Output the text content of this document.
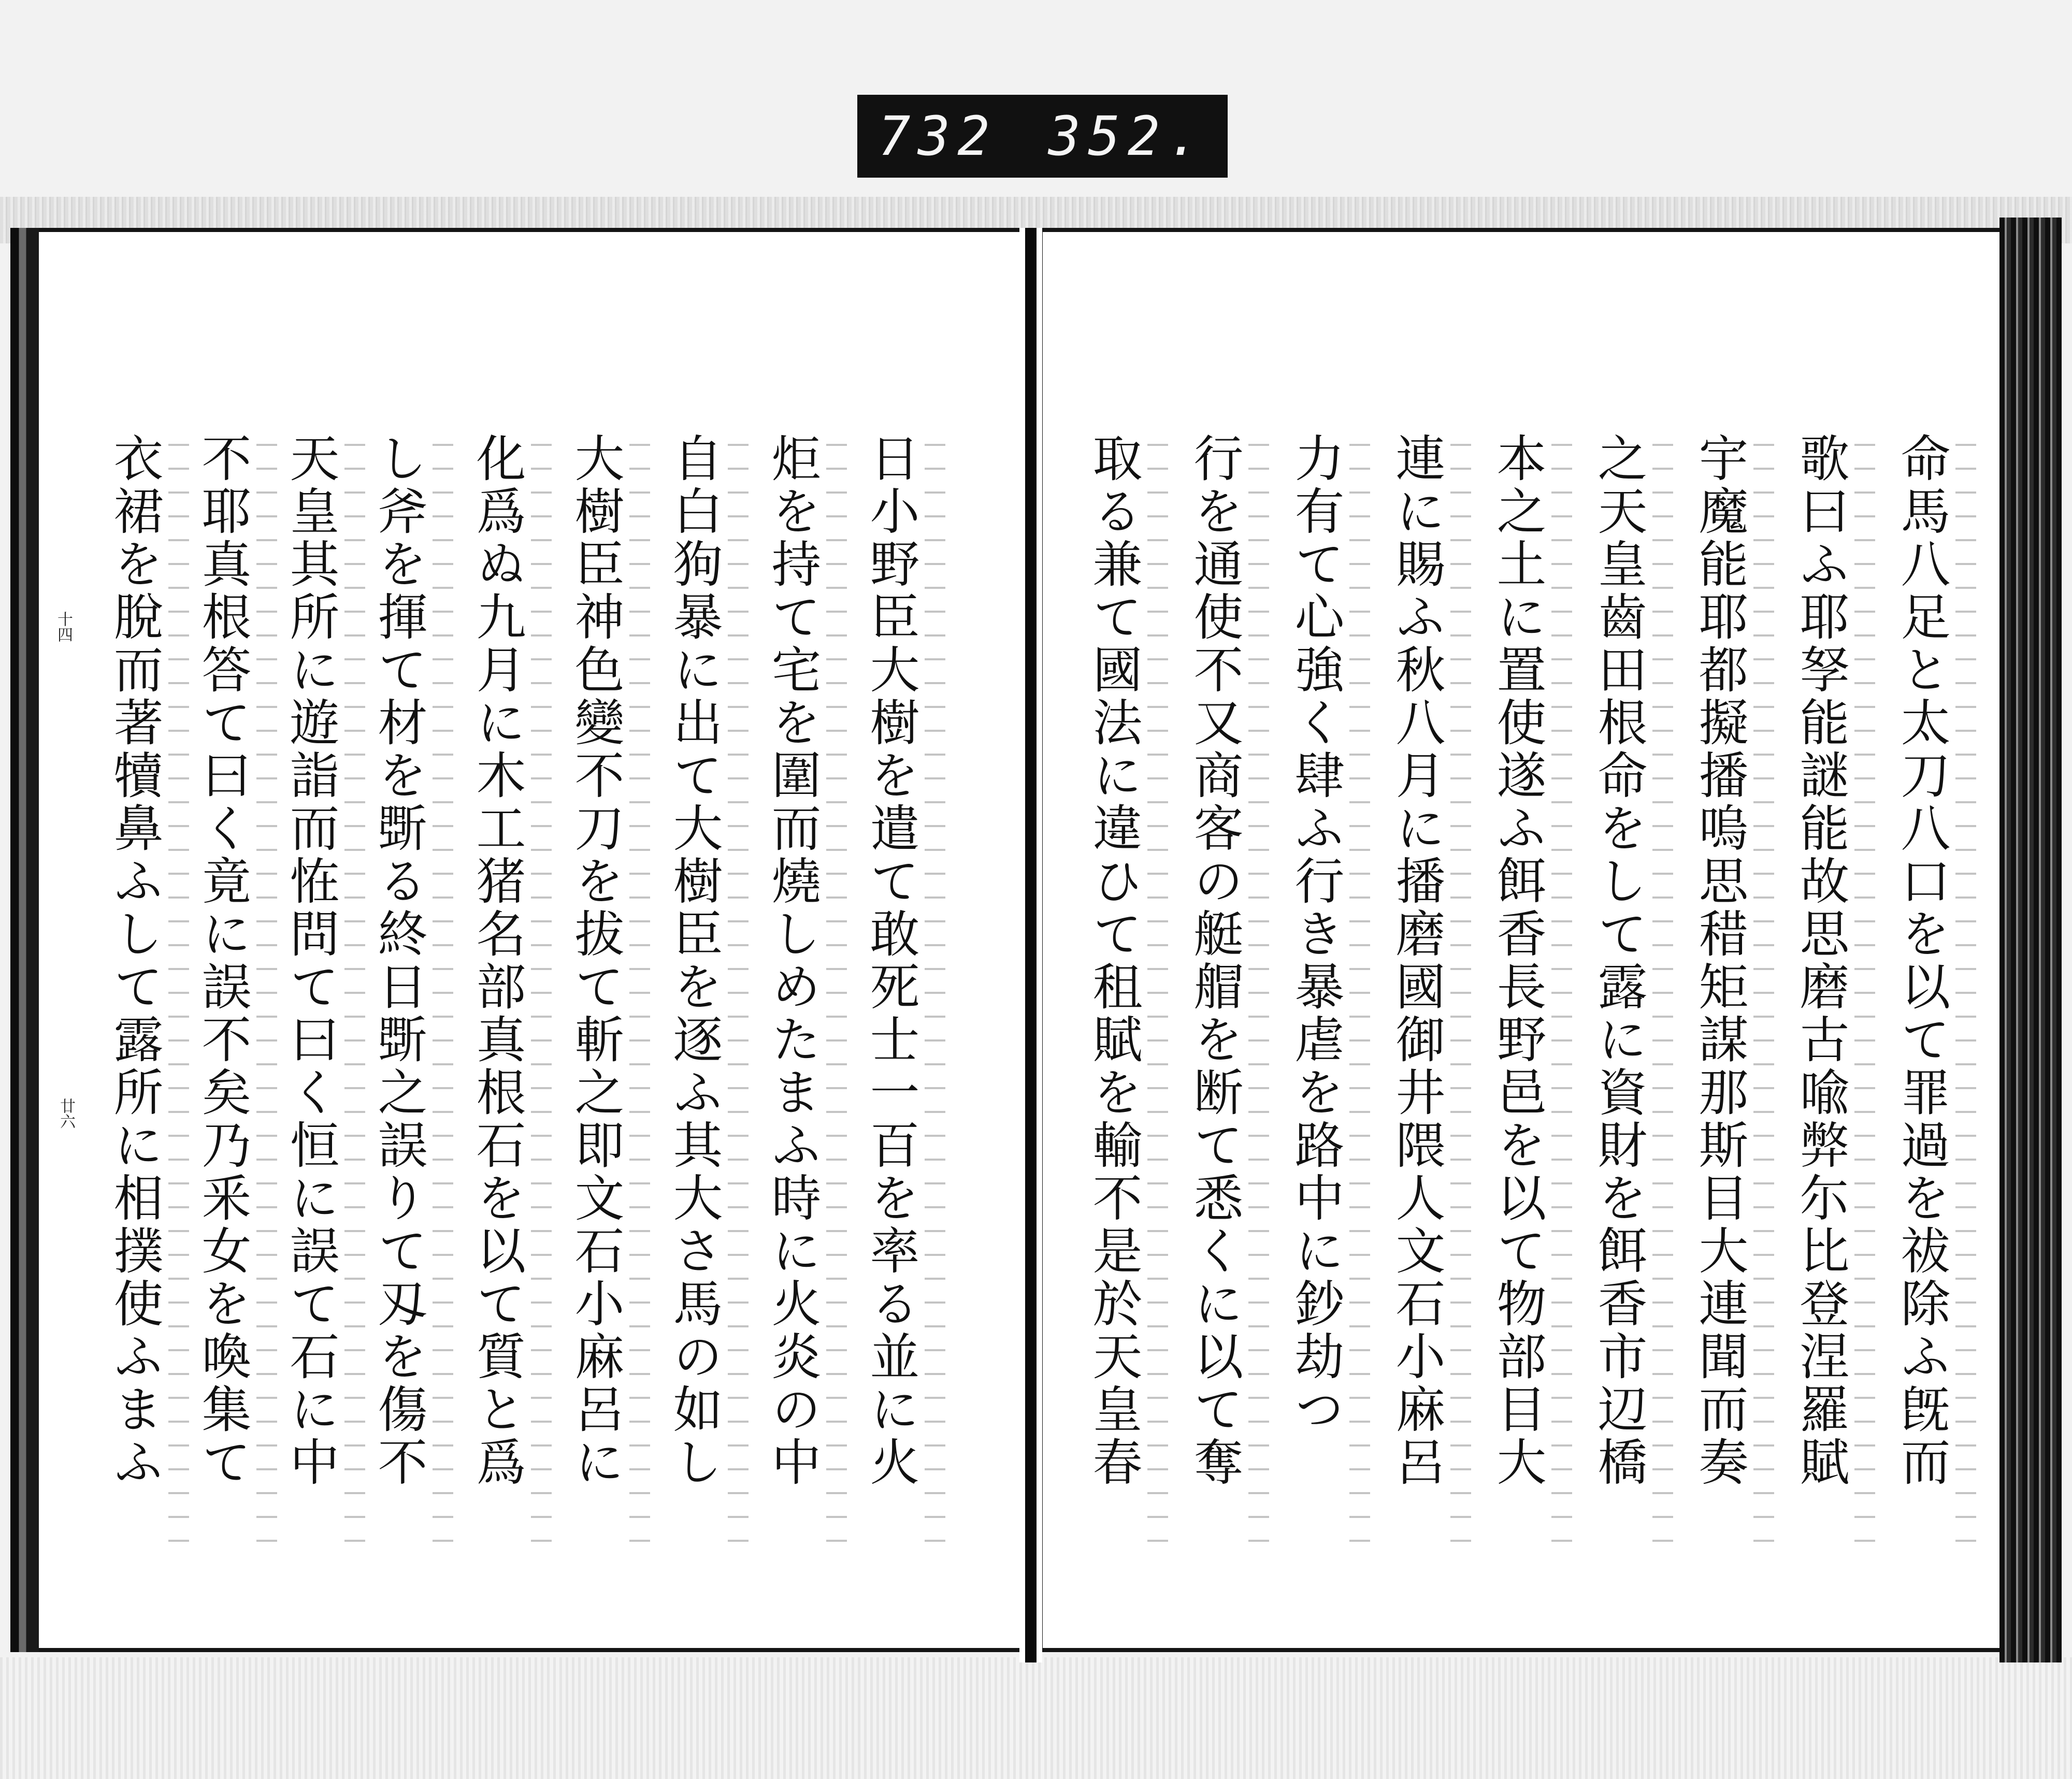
732 352.
命馬八足と太刀八口を以て罪過を祓除ふ旣而
歌曰ふ耶孥能謎能故思磨古喩弊尓比登涅羅賦
宇魔能耶都擬播嗚思稓矩謀那斯目大連聞而奏
之天皇齒田根命をして露に資財を餌香市辺橋
本之土に置使遂ふ餌香長野邑を以て物部目大
連に賜ふ秋八月に播磨國御井隈人文石小麻呂
力有て心強く肆ふ行き暴虐を路中に鈔劫つ
行を通使不又商客の艇艒を断て悉くに以て奪
取る兼て國法に違ひて租賦を輸不是於天皇春
日小野臣大樹を遣て敢死士一百を率る並に火
炬を持て宅を圍而燒しめたまふ時に火炎の中
自白狗暴に出て大樹臣を逐ふ其大さ馬の如し
大樹臣神色變不刀を拔て斬之即文石小麻呂に
化爲ぬ九月に木工猪名部真根石を以て質と爲
し斧を揮て材を斲る終日斲之誤りて刄を傷不
天皇其所に遊詣而恠問て曰く恒に誤て石に中
不耶真根答て曰く竟に誤不矣乃釆女を喚集て
衣裙を脫而著犢鼻ふして露所に相撲使ふまふ
十四
廿六
